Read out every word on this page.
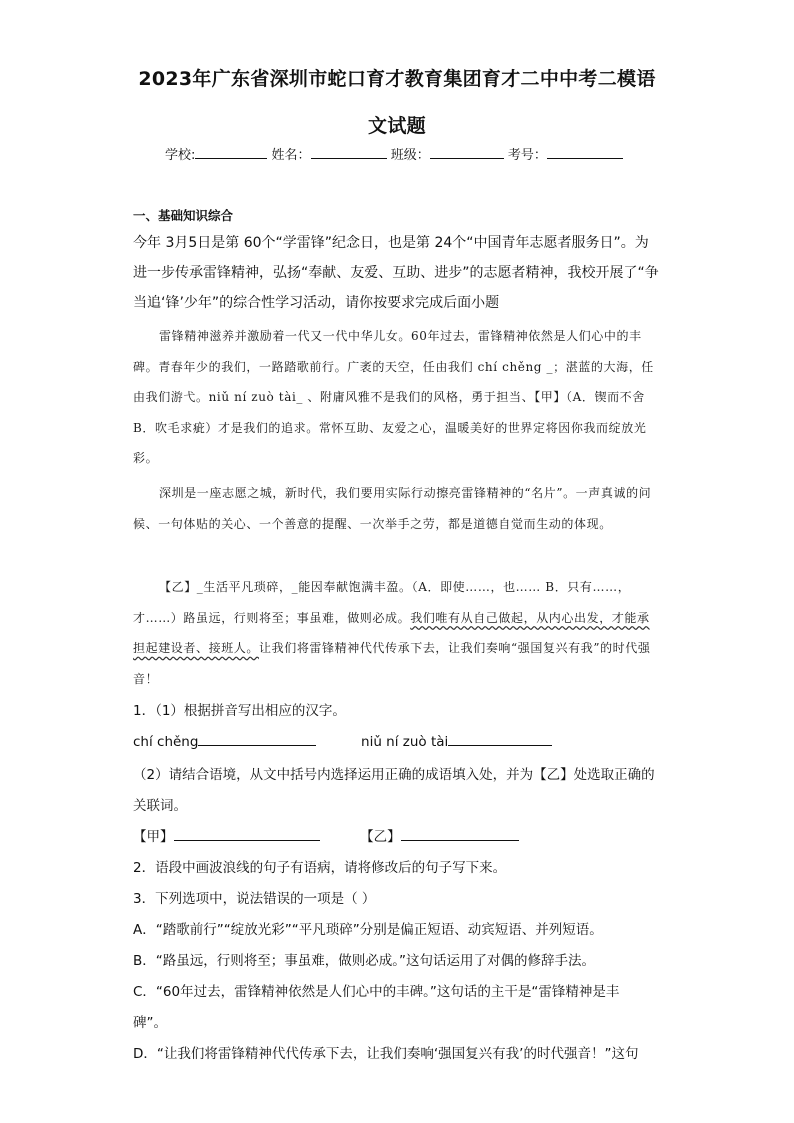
2023年广东省深圳市蛇口育才教育集团育才二中中考二模语
文试题
学校:	姓名：	班级：	考号：
一、基础知识综合

今年 3月5日是第 60个“学雷锋”纪念日，也是第 24个“中国青年志愿者服务日”。为进一步传承雷锋精神，弘扬“奉献、友爱、互助、进步”的志愿者精神，我校开展了“争当追‘锋’少年”的综合性学习活动，请你按要求完成后面小题

雷锋精神滋养并激励着一代又一代中华儿女。60年过去，雷锋精神依然是人们心中的丰碑。青春年少的我们，一路踏歌前行。广袤的天空，任由我们 chí chěng _；湛蓝的大海，任由我们游弋。niǔ ní zuò tài_ 、附庸风雅不是我们的风格，勇于担当、【甲】（A．锲而不舍 B．吹毛求疵）才是我们的追求。常怀互助、友爱之心，温暖美好的世界定将因你我而绽放光彩。

深圳是一座志愿之城，新时代，我们要用实际行动擦亮雷锋精神的“名片”。一声真诚的问候、一句体贴的关心、一个善意的提醒、一次举手之劳，都是道德自觉而生动的体现。

【乙】_生活平凡琐碎，_能因奉献饱满丰盈。（A．即使……，也…… B．只有……，才……）路虽远，行则将至；事虽难，做则必成。我们唯有从自己做起，从内心出发，才能承担起建设者、接班人。让我们将雷锋精神代代传承下去，让我们奏响“强国复兴有我”的时代强音！

1．（1）根据拼音写出相应的汉字。
chí chěng	niǔ ní zuò tài

（2）请结合语境，从文中括号内选择运用正确的成语填入处，并为【乙】处选取正确的关联词。

【甲】	【乙】
2．语段中画波浪线的句子有语病，请将修改后的句子写下来。
3．下列选项中，说法错误的一项是（ ）
A．“踏歌前行”“绽放光彩”“平凡琐碎”分别是偏正短语、动宾短语、并列短语。
B．“路虽远，行则将至；事虽难，做则必成。”这句话运用了对偶的修辞手法。
C．“60年过去，雷锋精神依然是人们心中的丰碑。”这句话的主干是“雷锋精神是丰
碑”。
D．“让我们将雷锋精神代代传承下去，让我们奏响‘强国复兴有我’的时代强音！”这句
